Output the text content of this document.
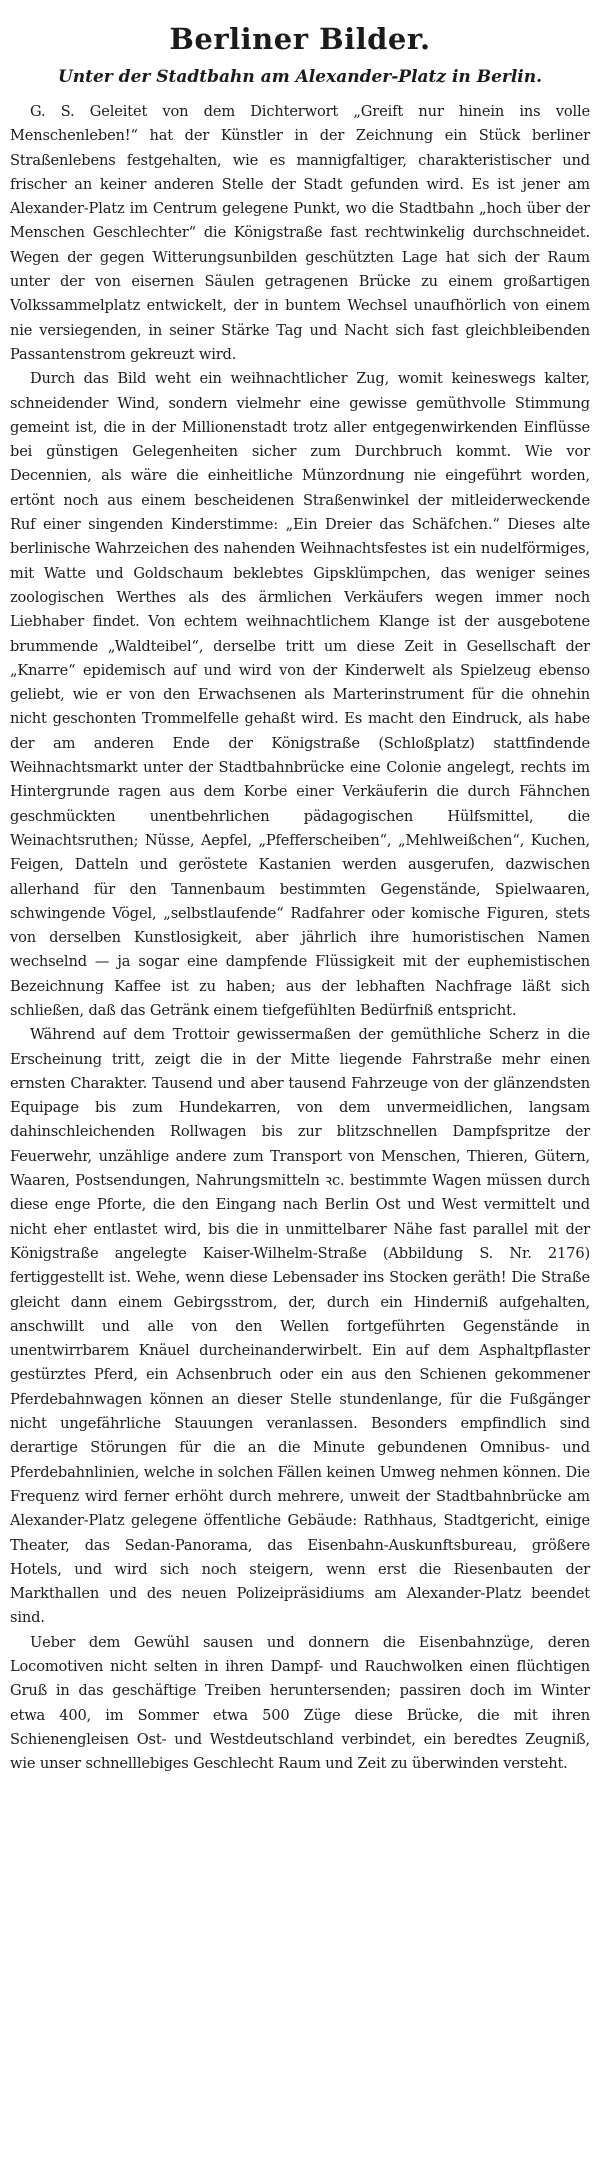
Berliner Bilder.
Unter der Stadtbahn am Alexander-Platz in Berlin.

G. S. Geleitet von dem Dichterwort „Greift nur hinein ins volle Menschenleben!“ hat der Künstler in der Zeichnung ein Stück berliner Straßenlebens festgehalten, wie es mannigfaltiger, charakteristischer und frischer an keiner anderen Stelle der Stadt gefunden wird. Es ist jener am Alexander-Platz im Centrum gelegene Punkt, wo die Stadtbahn „hoch über der Menschen Geschlechter“ die Königstraße fast rechtwinkelig durchschneidet. Wegen der gegen Witterungsunbilden geschützten Lage hat sich der Raum unter der von eisernen Säulen getragenen Brücke zu einem großartigen Volkssammelplatz entwickelt, der in buntem Wechsel unaufhörlich von einem nie versiegenden, in seiner Stärke Tag und Nacht sich fast gleichbleibenden Passantenstrom gekreuzt wird.

Durch das Bild weht ein weihnachtlicher Zug, womit keineswegs kalter, schneidender Wind, sondern vielmehr eine gewisse gemüthvolle Stimmung gemeint ist, die in der Millionenstadt trotz aller entgegenwirkenden Einflüsse bei günstigen Gelegenheiten sicher zum Durchbruch kommt. Wie vor Decennien, als wäre die einheitliche Münzordnung nie eingeführt worden, ertönt noch aus einem bescheidenen Straßenwinkel der mitleiderweckende Ruf einer singenden Kinderstimme: „Ein Dreier das Schäfchen.“ Dieses alte berlinische Wahrzeichen des nahenden Weihnachtsfestes ist ein nudelförmiges, mit Watte und Goldschaum beklebtes Gipsklümpchen, das weniger seines zoologischen Werthes als des ärmlichen Verkäufers wegen immer noch Liebhaber findet. Von echtem weihnachtlichem Klange ist der ausgebotene brummende „Waldteibel“, derselbe tritt um diese Zeit in Gesellschaft der „Knarre“ epidemisch auf und wird von der Kinderwelt als Spielzeug ebenso geliebt, wie er von den Erwachsenen als Marterinstrument für die ohnehin nicht geschonten Trommelfelle gehaßt wird. Es macht den Eindruck, als habe der am anderen Ende der Königstraße (Schloßplatz) stattfindende Weihnachtsmarkt unter der Stadtbahnbrücke eine Colonie angelegt, rechts im Hintergrunde ragen aus dem Korbe einer Verkäuferin die durch Fähnchen geschmückten unentbehrlichen pädagogischen Hülfsmittel, die Weinachtsruthen; Nüsse, Aepfel, „Pfefferscheiben“, „Mehlweißchen“, Kuchen, Feigen, Datteln und geröstete Kastanien werden ausgerufen, dazwischen allerhand für den Tannenbaum bestimmten Gegenstände, Spielwaaren, schwingende Vögel, „selbstlaufende“ Radfahrer oder komische Figuren, stets von derselben Kunstlosigkeit, aber jährlich ihre humoristischen Namen wechselnd — ja sogar eine dampfende Flüssigkeit mit der euphemistischen Bezeichnung Kaffee ist zu haben; aus der lebhaften Nachfrage läßt sich schließen, daß das Getränk einem tiefgefühlten Bedürfniß entspricht.

Während auf dem Trottoir gewissermaßen der gemüthliche Scherz in die Erscheinung tritt, zeigt die in der Mitte liegende Fahrstraße mehr einen ernsten Charakter. Tausend und aber tausend Fahrzeuge von der glänzendsten Equipage bis zum Hundekarren, von dem unvermeidlichen, langsam dahinschleichenden Rollwagen bis zur blitzschnellen Dampfspritze der Feuerwehr, unzählige andere zum Transport von Menschen, Thieren, Gütern, Waaren, Postsendungen, Nahrungsmitteln ꝛc. bestimmte Wagen müssen durch diese enge Pforte, die den Eingang nach Berlin Ost und West vermittelt und nicht eher entlastet wird, bis die in unmittelbarer Nähe fast parallel mit der Königstraße angelegte Kaiser-Wilhelm-Straße (Abbildung S. Nr. 2176) fertiggestellt ist. Wehe, wenn diese Lebensader ins Stocken geräth! Die Straße gleicht dann einem Gebirgsstrom, der, durch ein Hinderniß aufgehalten, anschwillt und alle von den Wellen fortgeführten Gegenstände in unentwirrbarem Knäuel durcheinanderwirbelt. Ein auf dem Asphaltpflaster gestürztes Pferd, ein Achsenbruch oder ein aus den Schienen gekommener Pferdebahnwagen können an dieser Stelle stundenlange, für die Fußgänger nicht ungefährliche Stauungen veranlassen. Besonders empfindlich sind derartige Störungen für die an die Minute gebundenen Omnibus- und Pferdebahnlinien, welche in solchen Fällen keinen Umweg nehmen können. Die Frequenz wird ferner erhöht durch mehrere, unweit der Stadtbahnbrücke am Alexander-Platz gelegene öffentliche Gebäude: Rathhaus, Stadtgericht, einige Theater, das Sedan-Panorama, das Eisenbahn-Auskunftsbureau, größere Hotels, und wird sich noch steigern, wenn erst die Riesenbauten der Markthallen und des neuen Polizeipräsidiums am Alexander-Platz beendet sind.

Ueber dem Gewühl sausen und donnern die Eisenbahnzüge, deren Locomotiven nicht selten in ihren Dampf- und Rauchwolken einen flüchtigen Gruß in das geschäftige Treiben heruntersenden; passiren doch im Winter etwa 400, im Sommer etwa 500 Züge diese Brücke, die mit ihren Schienengleisen Ost- und Westdeutschland verbindet, ein beredtes Zeugniß, wie unser schnelllebiges Geschlecht Raum und Zeit zu überwinden versteht.
